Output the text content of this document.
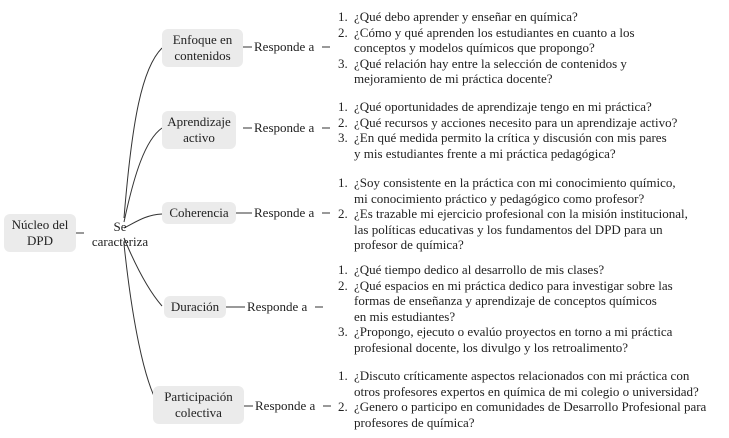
Núcleo del
DPD
Se
caracteriza
Enfoque en
contenidos
Responde a
1. ¿Qué debo aprender y enseñar en química?
2. ¿Cómo y qué aprenden los estudiantes en cuanto a los
conceptos y modelos químicos que propongo?
3. ¿Qué relación hay entre la selección de contenidos y
mejoramiento de mi práctica docente?
Aprendizaje
activo
Responde a
1. ¿Qué oportunidades de aprendizaje tengo en mi práctica?
2. ¿Qué recursos y acciones necesito para un aprendizaje activo?
3. ¿En qué medida permito la crítica y discusión con mis pares
y mis estudiantes frente a mi práctica pedagógica?
Coherencia	Responde a
1. ¿Soy consistente en la práctica con mi conocimiento químico,
mi conocimiento práctico y pedagógico como profesor?
2. ¿Es trazable mi ejercicio profesional con la misión institucional,
las políticas educativas y los fundamentos del DPD para un
profesor de química?
Duración	Responde a
1. ¿Qué tiempo dedico al desarrollo de mis clases?
2. ¿Qué espacios en mi práctica dedico para investigar sobre las
formas de enseñanza y aprendizaje de conceptos químicos
en mis estudiantes?
3. ¿Propongo, ejecuto o evalúo proyectos en torno a mi práctica
profesional docente, los divulgo y los retroalimento?
Participación
colectiva	Responde a
1. ¿Discuto críticamente aspectos relacionados con mi práctica con
otros profesores expertos en química de mi colegio o universidad?
2. ¿Genero o participo en comunidades de Desarrollo Profesional para
profesores de química?
